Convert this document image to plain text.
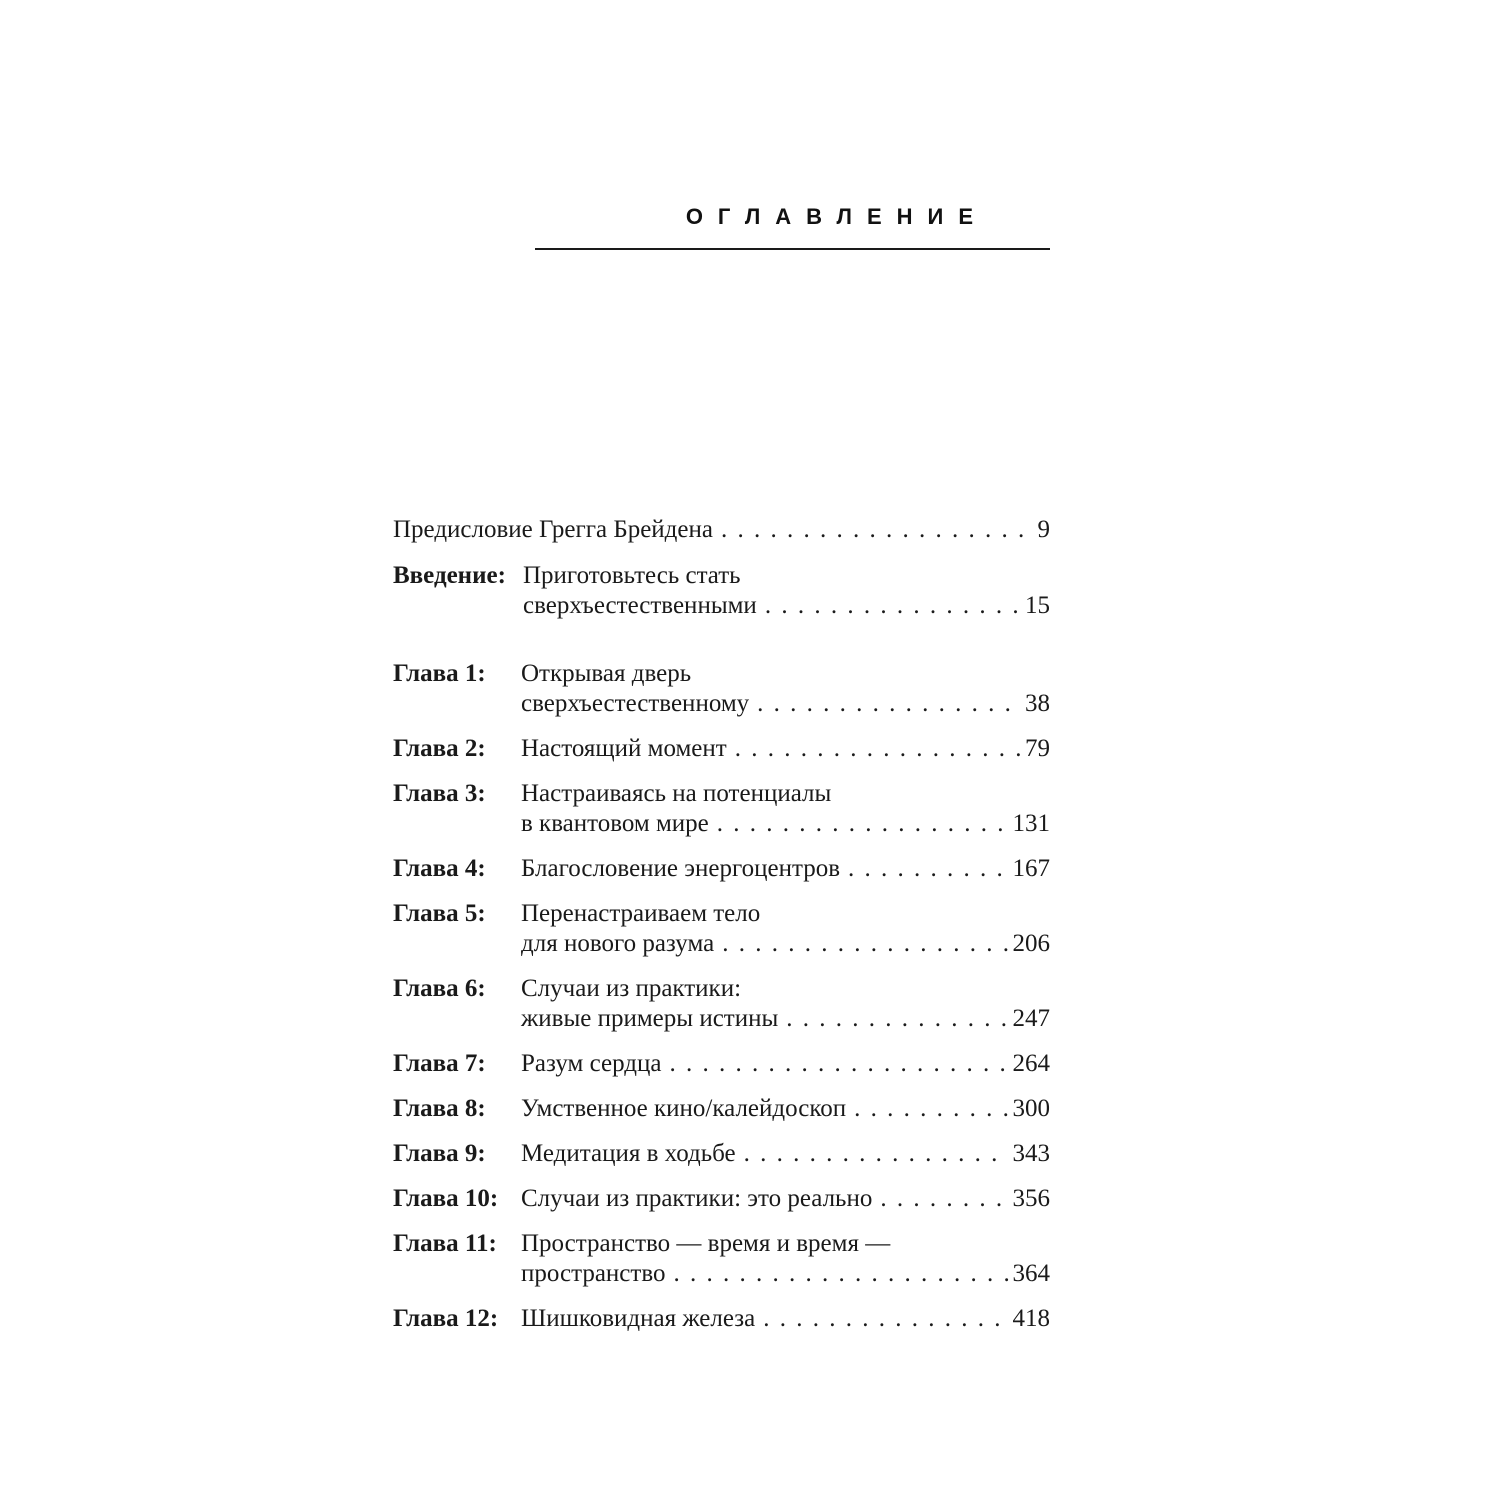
ОГЛАВЛЕНИЕ
Предисловие Грегга Брейдена . . .	9
Введение: Приготовьтесь стать
сверхъестественными . . .	15
Глава 1: Открывая дверь
сверхъестественному . . .	38
Глава 2: Настоящий момент . . .	79
Глава 3: Настраиваясь на потенциалы
в квантовом мире . . .	131
Глава 4: Благословение энергоцентров . . .	167
Глава 5: Перенастраиваем тело
для нового разума . . .	206
Глава 6: Случаи из практики:
живые примеры истины . . .	247
Глава 7: Разум сердца . . .	264
Глава 8: Умственное кино/калейдоскоп . . .	300
Глава 9: Медитация в ходьбе . . .	343
Глава 10: Случаи из практики: это реально . . .	356
Глава 11: Пространство — время и время —
пространство . . .	364
Глава 12: Шишковидная железа . . .	418
